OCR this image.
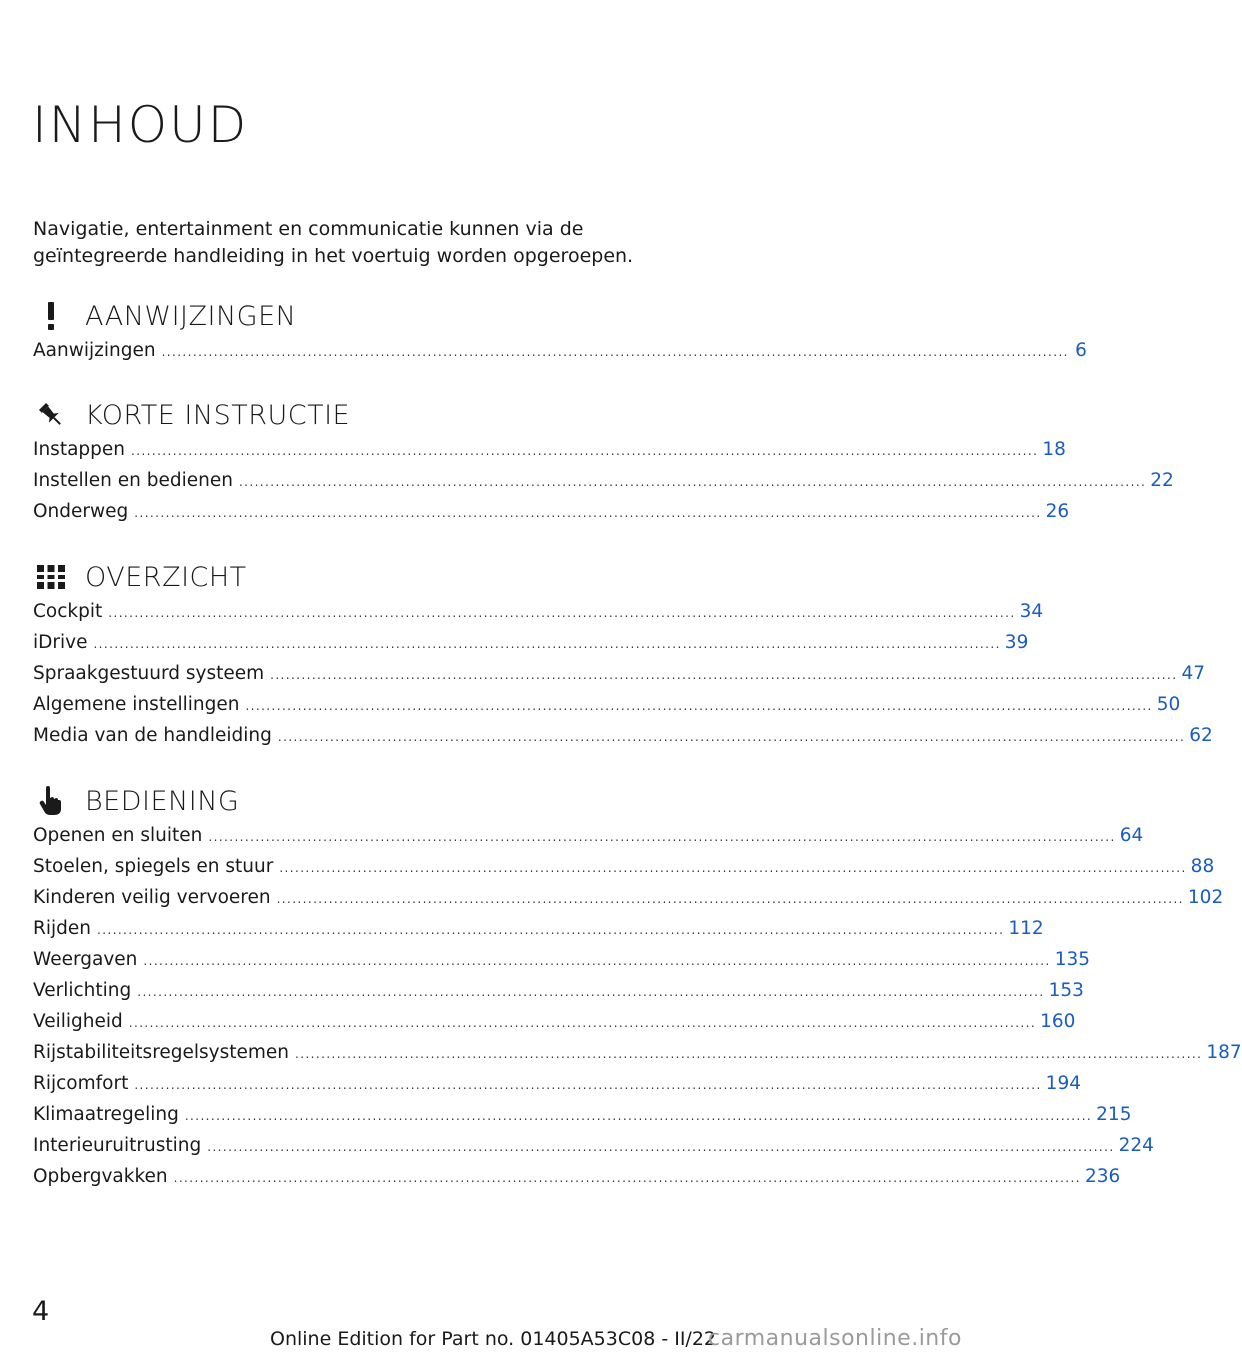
INHOUD
Navigatie, entertainment en communicatie kunnen via de geïntegreerde handleiding in het voertuig worden opgeroepen.
AANWIJZINGEN
Aanwijzingen .............................................................................................................................................................................. 6
KORTE INSTRUCTIE
Instappen .............................................................................................................................................................................. 18
Instellen en bedienen .............................................................................................................................................................................. 22
Onderweg .............................................................................................................................................................................. 26
OVERZICHT
Cockpit .............................................................................................................................................................................. 34
iDrive .............................................................................................................................................................................. 39
Spraakgestuurd systeem .............................................................................................................................................................................. 47
Algemene instellingen .............................................................................................................................................................................. 50
Media van de handleiding .............................................................................................................................................................................. 62
BEDIENING
Openen en sluiten .............................................................................................................................................................................. 64
Stoelen, spiegels en stuur .............................................................................................................................................................................. 88
Kinderen veilig vervoeren .............................................................................................................................................................................. 102
Rijden .............................................................................................................................................................................. 112
Weergaven .............................................................................................................................................................................. 135
Verlichting .............................................................................................................................................................................. 153
Veiligheid .............................................................................................................................................................................. 160
Rijstabiliteitsregelsystemen .............................................................................................................................................................................. 187
Rijcomfort .............................................................................................................................................................................. 194
Klimaatregeling .............................................................................................................................................................................. 215
Interieuruitrusting .............................................................................................................................................................................. 224
Opbergvakken .............................................................................................................................................................................. 236
4
Online Edition for Part no. 01405A53C08 - II/22
carmanualsonline.info
